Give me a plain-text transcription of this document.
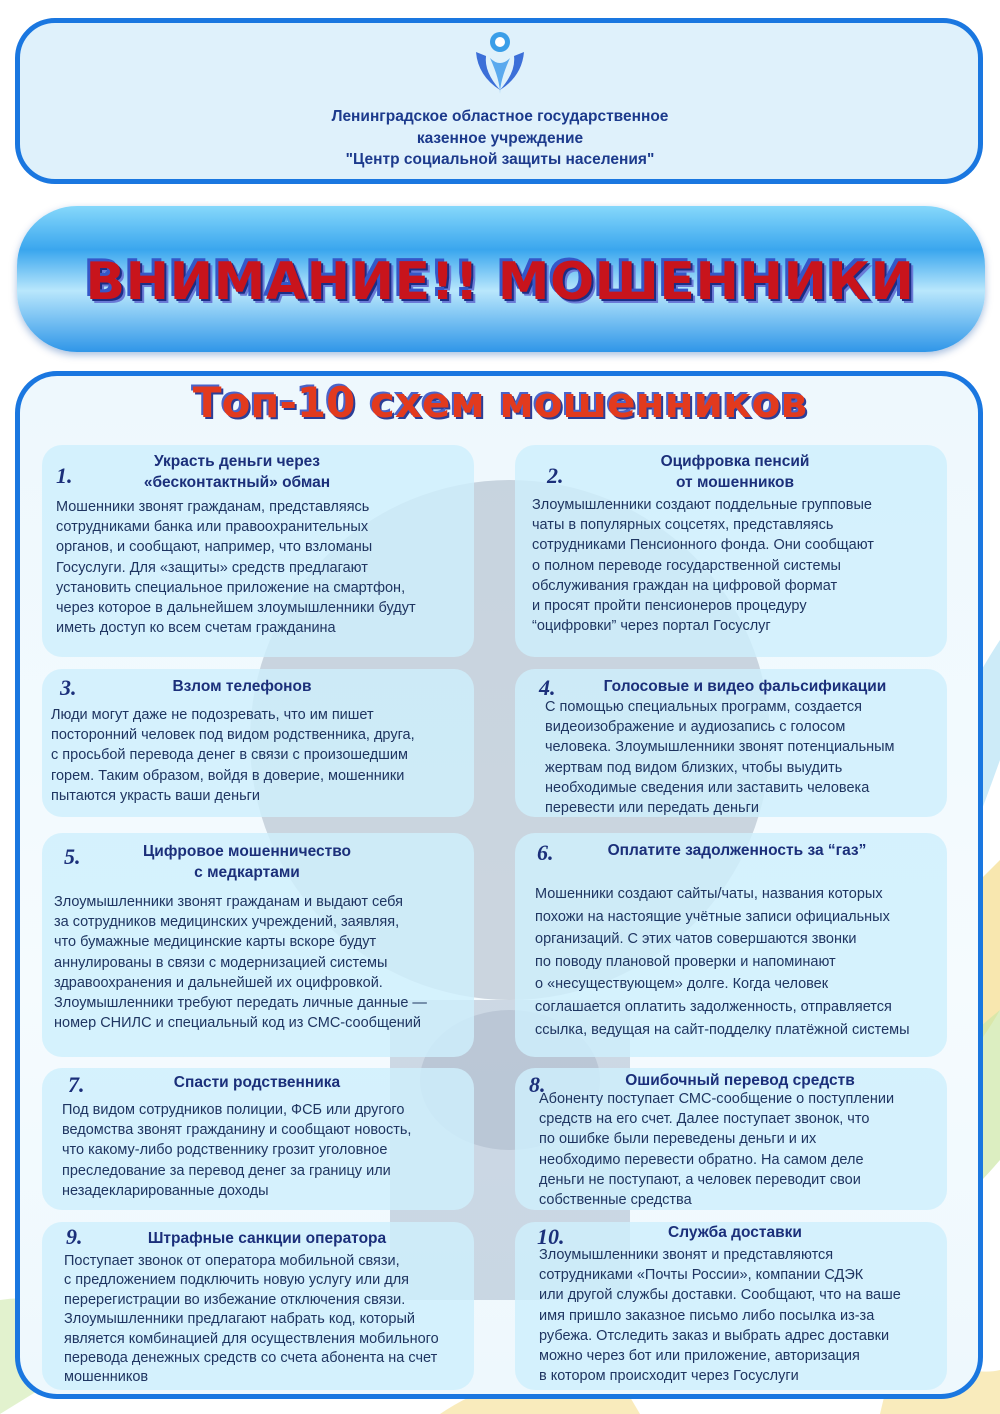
Ленинградское областное государственное
казенное учреждение
"Центр социальной защиты населения"
ВНИМАНИЕ!! МОШЕННИКИ
Топ-10 схем мошенников
1.
Украсть деньги через
«бесконтактный» обман
Мошенники звонят гражданам, представляясь
сотрудниками банка или правоохранительных
органов, и сообщают, например, что взломаны
Госуслуги. Для «защиты» средств предлагают
установить специальное приложение на смартфон,
через которое в дальнейшем злоумышленники будут
иметь доступ ко всем счетам гражданина
2.
Оцифровка пенсий
от мошенников
Злоумышленники создают поддельные групповые
чаты в популярных соцсетях, представляясь
сотрудниками Пенсионного фонда. Они сообщают
о полном переводе государственной системы
обслуживания граждан на цифровой формат
и просят пройти пенсионеров процедуру
“оцифровки” через портал Госуслуг
3.	Взлом телефонов
Люди могут даже не подозревать, что им пишет
посторонний человек под видом родственника, друга,
с просьбой перевода денег в связи с произошедшим
горем. Таким образом, войдя в доверие, мошенники
пытаются украсть ваши деньги
4.	Голосовые и видео фальсификации
С помощью специальных программ, создается
видеоизображение и аудиозапись с голосом
человека. Злоумышленники звонят потенциальным
жертвам под видом близких, чтобы выудить
необходимые сведения или заставить человека
перевести или передать деньги
5.	Цифровое мошенничество
с медкартами
Злоумышленники звонят гражданам и выдают себя
за сотрудников медицинских учреждений, заявляя,
что бумажные медицинские карты вскоре будут
аннулированы в связи с модернизацией системы
здравоохранения и дальнейшей их оцифровкой.
Злоумышленники требуют передать личные данные —
номер СНИЛС и специальный код из СМС-сообщений
6.	Оплатите задолженность за “газ”
Мошенники создают сайты/чаты, названия которых
похожи на настоящие учётные записи официальных
организаций. С этих чатов совершаются звонки
по поводу плановой проверки и напоминают
о «несуществующем» долге. Когда человек
соглашается оплатить задолженность, отправляется
ссылка, ведущая на сайт-подделку платёжной системы
7.	Спасти родственника
Под видом сотрудников полиции, ФСБ или другого
ведомства звонят гражданину и сообщают новость,
что какому-либо родственнику грозит уголовное
преследование за перевод денег за границу или
незадекларированные доходы
8.	Ошибочный перевод средств
Абоненту поступает СМС-сообщение о поступлении
средств на его счет. Далее поступает звонок, что
по ошибке были переведены деньги и их
необходимо перевести обратно. На самом деле
деньги не поступают, а человек переводит свои
собственные средства
9.	Штрафные санкции оператора
Поступает звонок от оператора мобильной связи,
с предложением подключить новую услугу или для
перерегистрации во избежание отключения связи.
Злоумышленники предлагают набрать код, который
является комбинацией для осуществления мобильного
перевода денежных средств со счета абонента на счет
мошенников
10.	Служба доставки
Злоумышленники звонят и представляются
сотрудниками «Почты России», компании СДЭК
или другой службы доставки. Сообщают, что на ваше
имя пришло заказное письмо либо посылка из-за
рубежа. Отследить заказ и выбрать адрес доставки
можно через бот или приложение, авторизация
в котором происходит через Госуслуги
